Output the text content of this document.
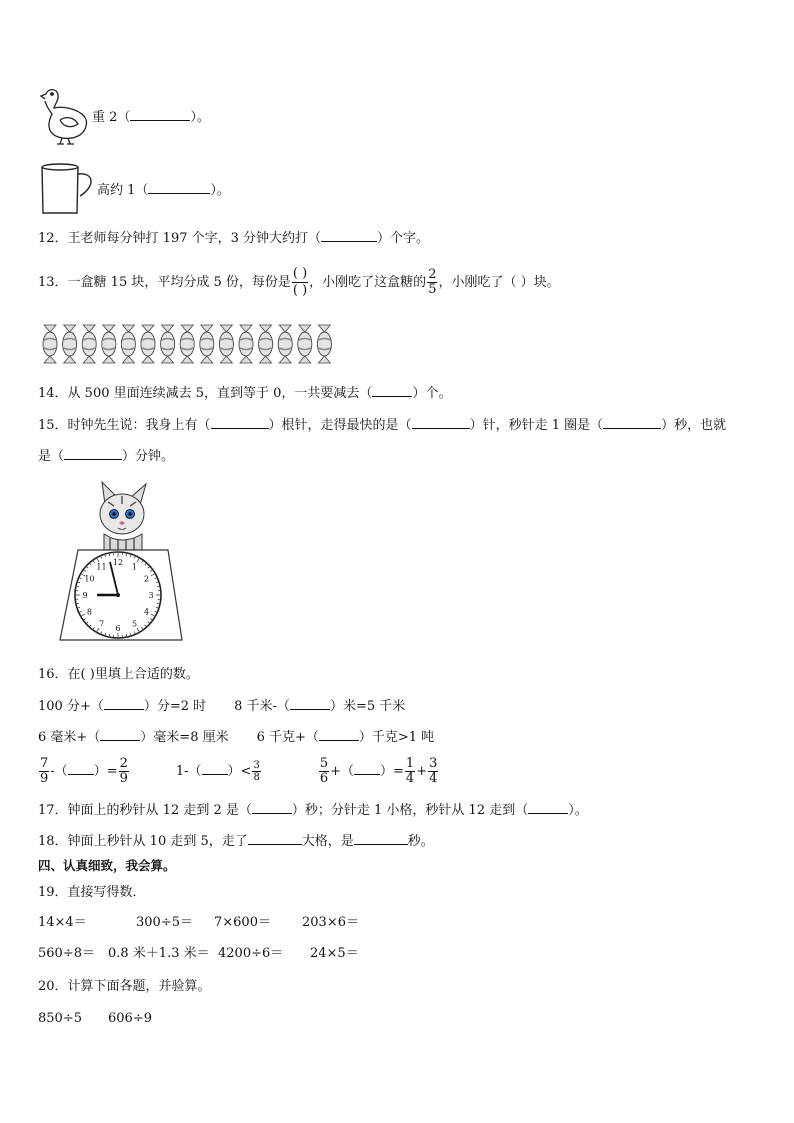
重 2（	）。
高约 1（	）。
12．王老师每分钟打 197 个字，3 分钟大约打（	）个字。
13．一盒糖 15 块，平均分成 5 份，每份是 $\frac{( )}{( )}$ ，小刚吃了这盒糖的 $\frac{2}{5}$ ，小刚吃了（ ）块。
14．从 500 里面连续减去 5，直到等于 0，一共要减去（	）个。
15．时钟先生说：我身上有（	）根针，走得最快的是（	）针，秒针走 1 圈是（	）秒，也就
是（	）分钟。
12 1
2
3
4
5
6
7
8
9
10
11
16．在( )里填上合适的数。
100 分+（	）分=2 时 8 千米-（	）米=5 千米
6 毫米+（	）毫米=8 厘米 6 千克+（	）千克>1 吨
$\frac{7}{9}$ -（ ）= $\frac{2}{9}$	1-（ ）< $\frac{3}{8}$	$\frac{5}{6}$ +（ ）= $\frac{1}{4} + \frac{3}{4}$
17．钟面上的秒针从 12 走到 2 是（	）秒；分针走 1 小格，秒针从 12 走到（	）。
18．钟面上秒针从 10 走到 5，走了	大格，是	秒。
四、认真细致，我会算。
19．直接写得数．
14×4＝	300÷5＝ 7×600＝ 203×6＝
560÷8＝ 0.8 米＋1.3 米＝ 4200÷6＝ 24×5＝
20．计算下面各题，并验算。
850÷5 606÷9
